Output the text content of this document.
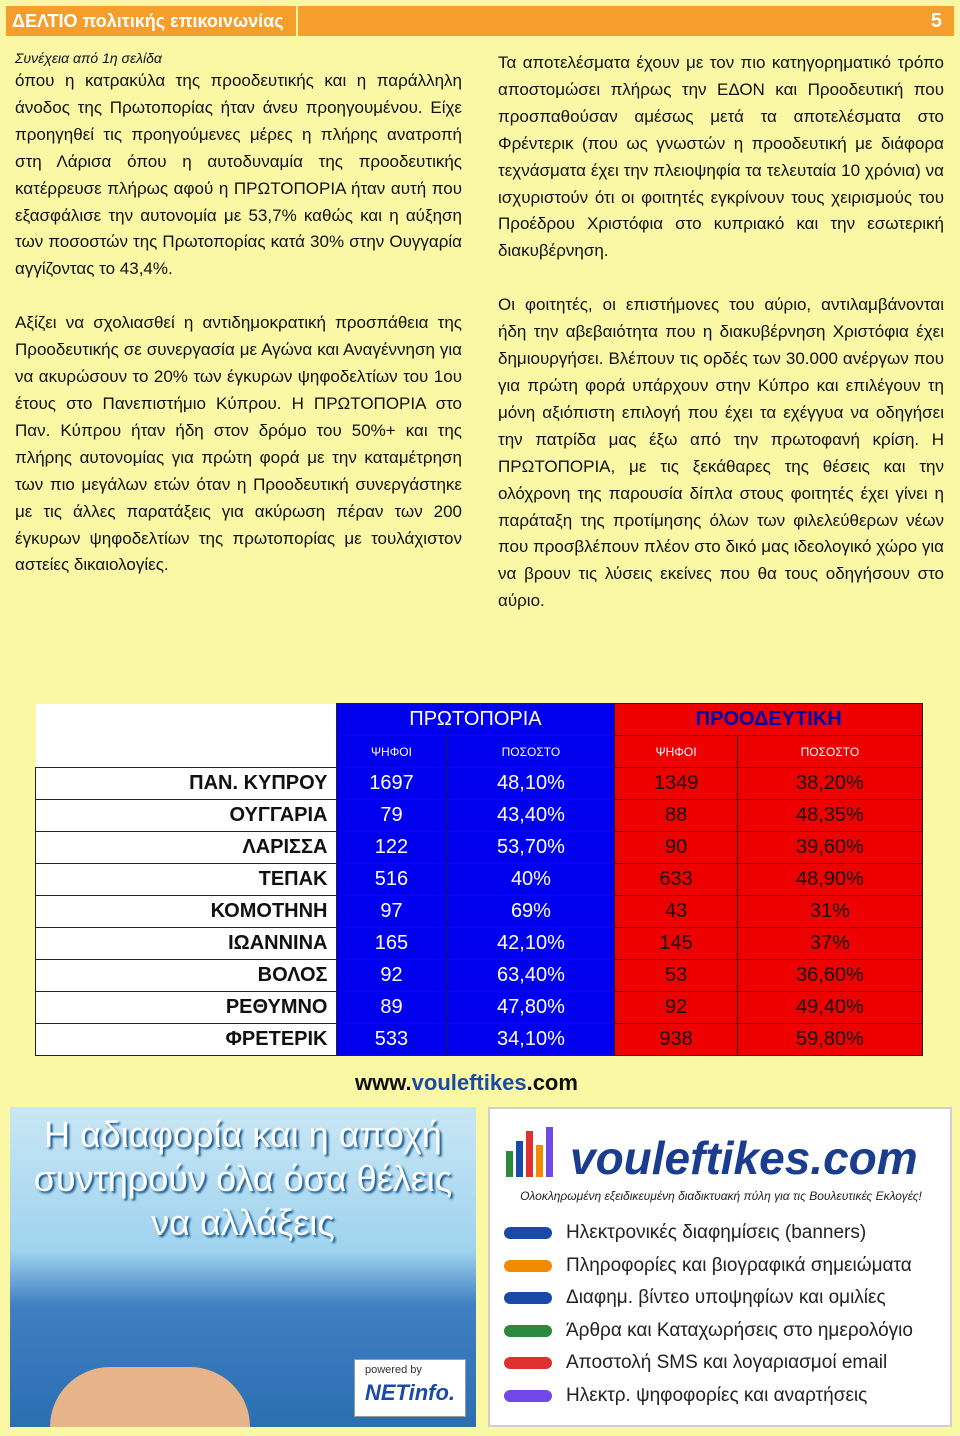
ΔΕΛΤΙΟ πολιτικής επικοινωνίας	5
Συνέχεια από 1η σελίδα

όπου η κατρακύλα της προοδευτικής και η παράλληλη άνοδος της Πρωτοπορίας ήταν άνευ προηγουμένου. Είχε προηγηθεί τις προηγούμενες μέρες η πλήρης ανατροπή στη Λάρισα όπου η αυτοδυναμία της προοδευτικής κατέρρευσε πλήρως αφού η ΠΡΩΤΟΠΟΡΙΑ ήταν αυτή που εξασφάλισε την αυτονομία με 53,7% καθώς και η αύξηση των ποσοστών της Πρωτοπορίας κατά 30% στην Ουγγαρία αγγίζοντας το 43,4%.

Αξίζει να σχολιασθεί η αντιδημοκρατική προσπάθεια της Προοδευτικής σε συνεργασία με Αγώνα και Αναγέννηση για να ακυρώσουν το 20% των έγκυρων ψηφοδελτίων του 1ου έτους στο Πανεπιστήμιο Κύπρου. Η ΠΡΩΤΟΠΟΡΙΑ στο Παν. Κύπρου ήταν ήδη στον δρόμο του 50%+ και της πλήρης αυτονομίας για πρώτη φορά με την καταμέτρηση των πιο μεγάλων ετών όταν η Προοδευτική συνεργάστηκε με τις άλλες παρατάξεις για ακύρωση πέραν των 200 έγκυρων ψηφοδελτίων της πρωτοπορίας με τουλάχιστον αστείες δικαιολογίες.

Τα αποτελέσματα έχουν με τον πιο κατηγορηματικό τρόπο αποστομώσει πλήρως την ΕΔΟΝ και Προοδευτική που προσπαθούσαν αμέσως μετά τα αποτελέσματα στο Φρέντερικ (που ως γνωστών η προοδευτική με διάφορα τεχνάσματα έχει την πλειοψηφία τα τελευταία 10 χρόνια) να ισχυριστούν ότι οι φοιτητές εγκρίνουν τους χειρισμούς του Προέδρου Χριστόφια στο κυπριακό και την εσωτερική διακυβέρνηση.

Οι φοιτητές, οι επιστήμονες του αύριο, αντιλαμβάνονται ήδη την αβεβαιότητα που η διακυβέρνηση Χριστόφια έχει δημιουργήσει. Βλέπουν τις ορδές των 30.000 ανέργων που για πρώτη φορά υπάρχουν στην Κύπρο και επιλέγουν τη μόνη αξιόπιστη επιλογή που έχει τα εχέγγυα να οδηγήσει την πατρίδα μας έξω από την πρωτοφανή κρίση. Η ΠΡΩΤΟΠΟΡΙΑ, με τις ξεκάθαρες της θέσεις και την ολόχρονη της παρουσία δίπλα στους φοιτητές έχει γίνει η παράταξη της προτίμησης όλων των φιλελεύθερων νέων που προσβλέπουν πλέον στο δικό μας ιδεολογικό χώρο για να βρουν τις λύσεις εκείνες που θα τους οδηγήσουν στο αύριο.

	ΠΡΩΤΟΠΟΡΙΑ		ΠΡΟΟΔΕΥΤΙΚΗ	
	ΨΗΦΟΙ	ΠΟΣΟΣΤΟ	ΨΗΦΟΙ	ΠΟΣΟΣΤΟ
ΠΑΝ. ΚΥΠΡΟΥ	1697	48,10%	1349	38,20%
ΟΥΓΓΑΡΙΑ	79	43,40%	88	48,35%
ΛΑΡΙΣΣΑ	122	53,70%	90	39,60%
ΤΕΠΑΚ	516	40%	633	48,90%
ΚΟΜΟΤΗΝΗ	97	69%	43	31%
ΙΩΑΝΝΙΝΑ	165	42,10%	145	37%
ΒΟΛΟΣ	92	63,40%	53	36,60%
ΡΕΘΥΜΝΟ	89	47,80%	92	49,40%
ΦΡΕΤΕΡΙΚ	533	34,10%	938	59,80%
www.vouleftikes.com
Η αδιαφορία και η αποχή συντηρούν όλα όσα θέλεις να αλλάξεις
powered by
NETinfo.
vouleftikes.com
Ολοκληρωμένη εξειδικευμένη διαδικτυακή πύλη για τις Βουλευτικές Εκλογές!
Ηλεκτρονικές διαφημίσεις (banners)
Πληροφορίες και βιογραφικά σημειώματα
Διαφημ. βίντεο υποψηφίων και ομιλίες
Άρθρα και Καταχωρήσεις στο ημερολόγιο
Αποστολή SMS και λογαριασμοί email
Ηλεκτρ. ψηφοφορίες και αναρτήσεις
